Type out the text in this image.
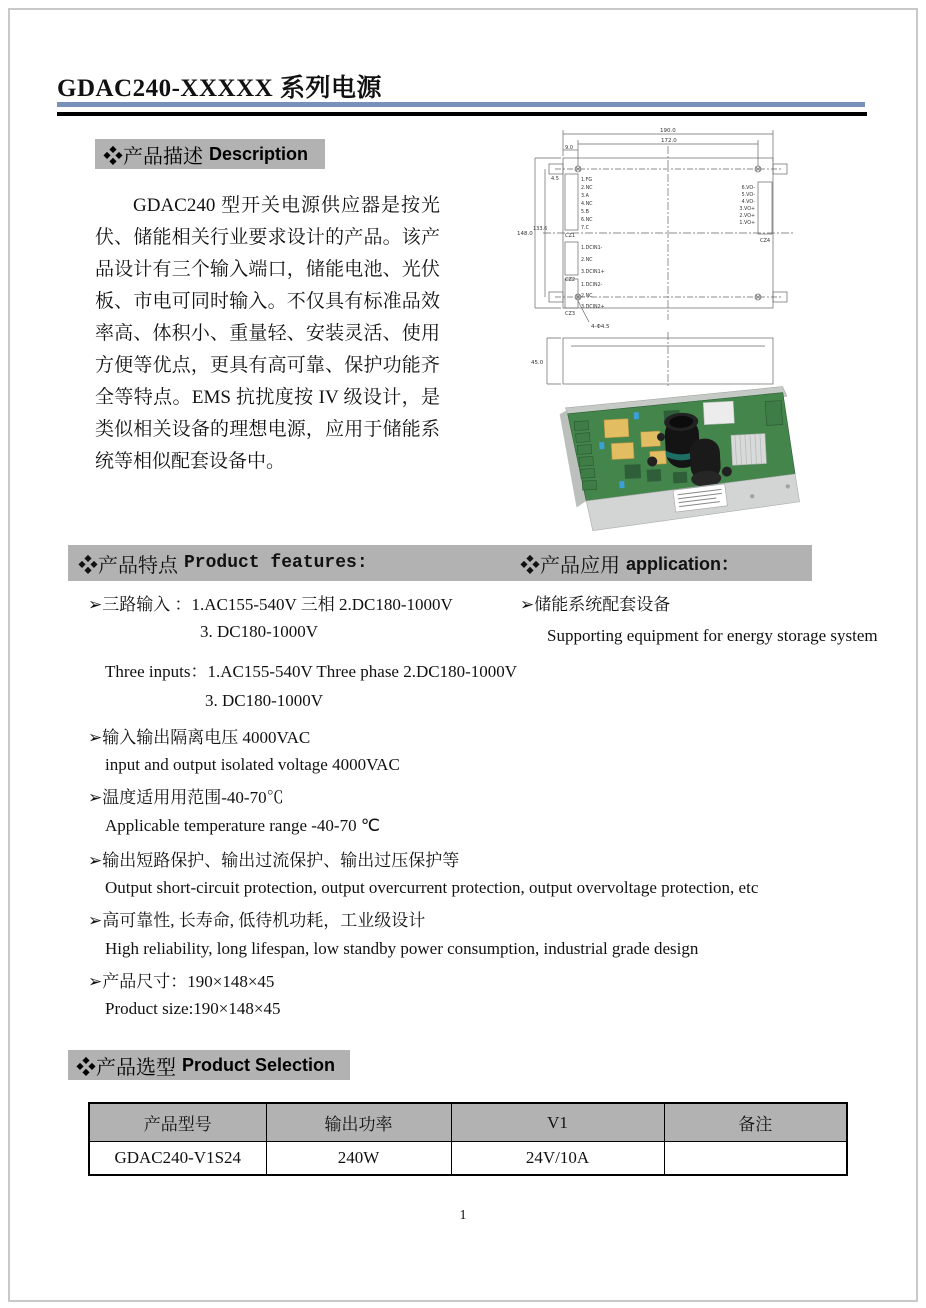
GDAC240-XXXXX 系列电源
❖产品描述 Description
GDAC240 型开关电源供应器是按光伏、储能相关行业要求设计的产品。该产品设计有三个输入端口，储能电池、光伏板、市电可同时输入。不仅具有标准品效率高、体积小、重量轻、安装灵活、使用方便等优点，更具有高可靠、保护功能齐全等特点。EMS 抗扰度按 IV 级设计，是类似相关设备的理想电源，应用于储能系统等相似配套设备中。
190.0
172.0
9.0
4.5
148.0
133.6
4-Φ4.5
45.0
CZ1
CZ2
CZ3
CZ4
1.FG
2.NC
3.A
4.NC
5.B
6.NC
7.C
1.DCIN1-
2.NC
3.DCIN1+
1.DCIN2-
2.NC
3.DCIN2+
6.VO-
5.VO-
4.VO-
3.VO+
2.VO+
1.VO+
❖产品特点 Product features:	❖产品应用 application：
➢三路输入 ：1.AC155-540V 三相 2.DC180-1000V
3. DC180-1000V
Three inputs：1.AC155-540V Three phase 2.DC180-1000V
3. DC180-1000V
➢输入输出隔离电压 4000VAC
input and output isolated voltage 4000VAC
➢温度适用用范围-40-70℃
Applicable temperature range -40-70 ℃
➢输出短路保护、输出过流保护、输出过压保护等
Output short-circuit protection, output overcurrent protection, output overvoltage protection, etc
➢高可靠性, 长寿命, 低待机功耗，工业级设计
High reliability, long lifespan, low standby power consumption, industrial grade design
➢产品尺寸：190×148×45
Product size:190×148×45
➢储能系统配套设备
Supporting equipment for energy storage system
❖产品选型 Product Selection
产品型号	输出功率	V1	备注
GDAC240-V1S24	240W	24V/10A	
1
